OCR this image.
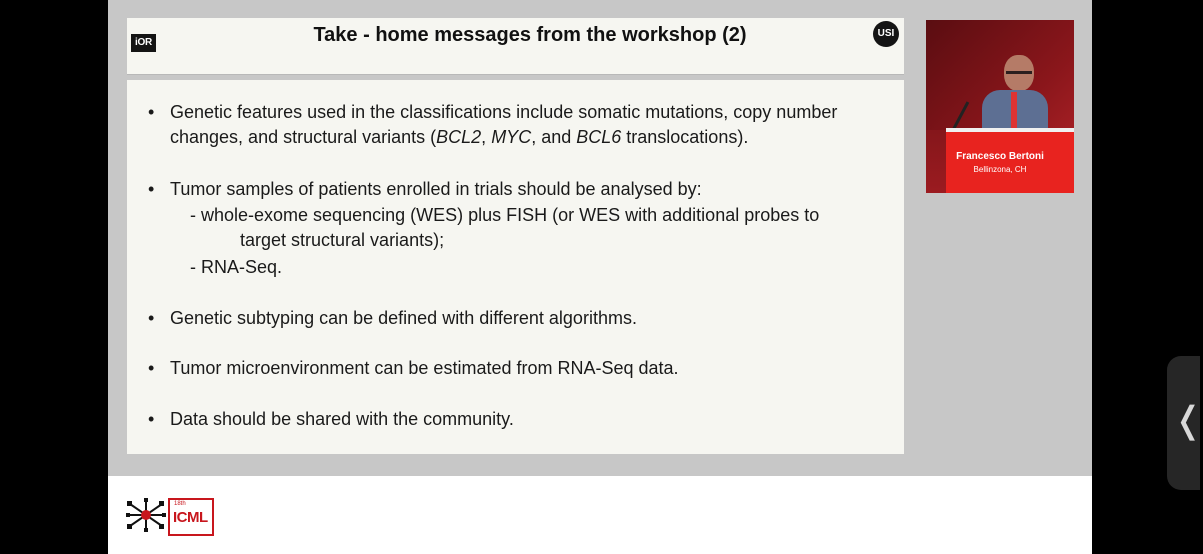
iOR
USI
Take - home messages from the workshop (2)
• Genetic features used in the classifications include somatic mutations, copy number
changes, and structural variants (BCL2, MYC, and BCL6 translocations).
• Tumor samples of patients enrolled in trials should be analysed by:
- whole-exome sequencing (WES) plus FISH (or WES with additional probes to
target structural variants);
- RNA-Seq.
• Genetic subtyping can be defined with different algorithms.
• Tumor microenvironment can be estimated from RNA-Seq data.
• Data should be shared with the community.
Francesco Bertoni
Bellinzona, CH
18th
ICML
❬
